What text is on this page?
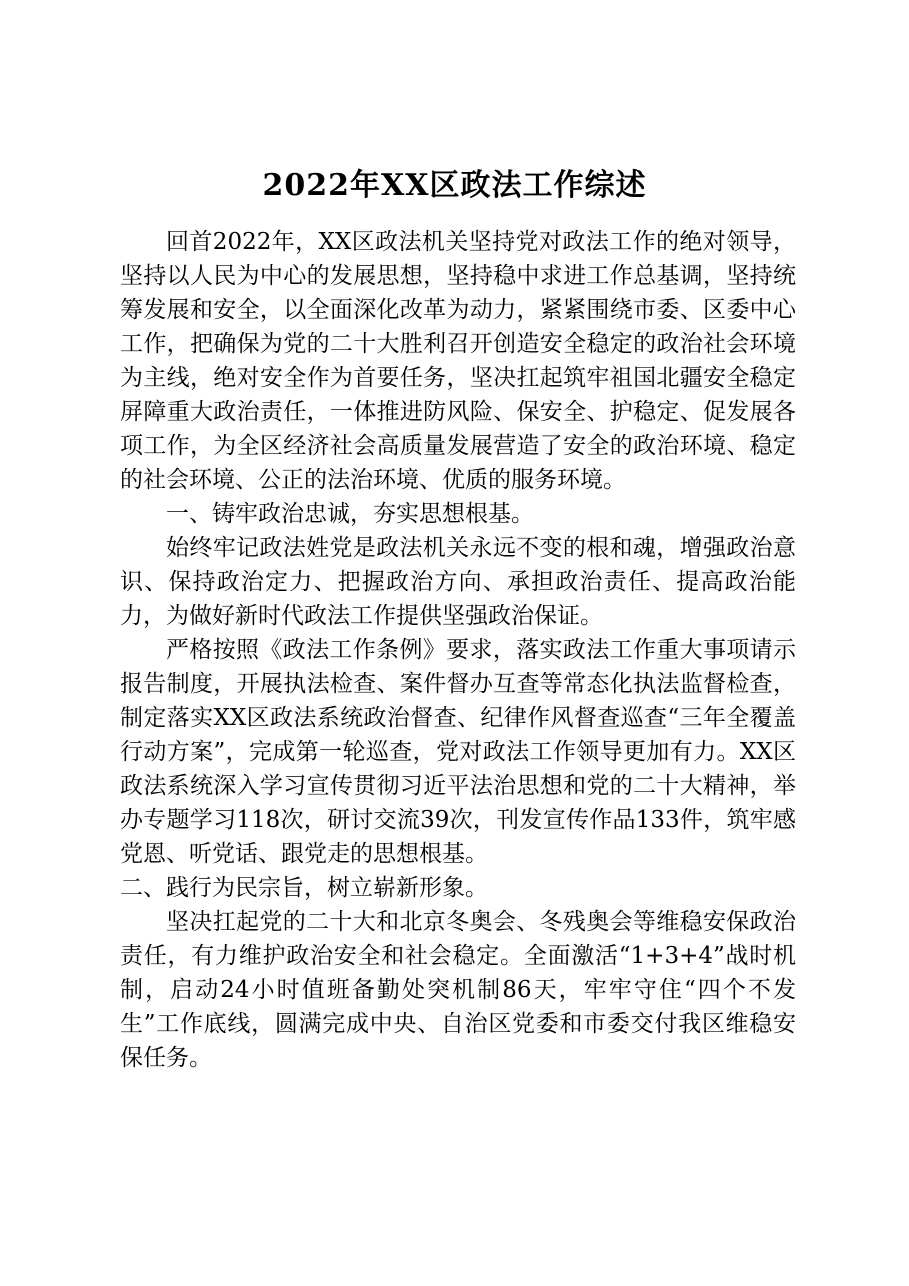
2022年XX区政法工作综述

回首2022年，XX区政法机关坚持党对政法工作的绝对领导，坚持以人民为中心的发展思想，坚持稳中求进工作总基调，坚持统筹发展和安全，以全面深化改革为动力，紧紧围绕市委、区委中心工作，把确保为党的二十大胜利召开创造安全稳定的政治社会环境为主线，绝对安全作为首要任务，坚决扛起筑牢祖国北疆安全稳定屏障重大政治责任，一体推进防风险、保安全、护稳定、促发展各项工作，为全区经济社会高质量发展营造了安全的政治环境、稳定的社会环境、公正的法治环境、优质的服务环境。

一、铸牢政治忠诚，夯实思想根基。

始终牢记政法姓党是政法机关永远不变的根和魂，增强政治意识、保持政治定力、把握政治方向、承担政治责任、提高政治能力，为做好新时代政法工作提供坚强政治保证。

严格按照《政法工作条例》要求，落实政法工作重大事项请示报告制度，开展执法检查、案件督办互查等常态化执法监督检查，制定落实XX区政法系统政治督查、纪律作风督查巡查“三年全覆盖行动方案”，完成第一轮巡查，党对政法工作领导更加有力。XX区政法系统深入学习宣传贯彻习近平法治思想和党的二十大精神，举办专题学习118次，研讨交流39次，刊发宣传作品133件，筑牢感党恩、听党话、跟党走的思想根基。

二、践行为民宗旨，树立崭新形象。

坚决扛起党的二十大和北京冬奥会、冬残奥会等维稳安保政治责任，有力维护政治安全和社会稳定。全面激活“1+3+4”战时机制，启动24小时值班备勤处突机制86天，牢牢守住“四个不发生”工作底线，圆满完成中央、自治区党委和市委交付我区维稳安保任务。
